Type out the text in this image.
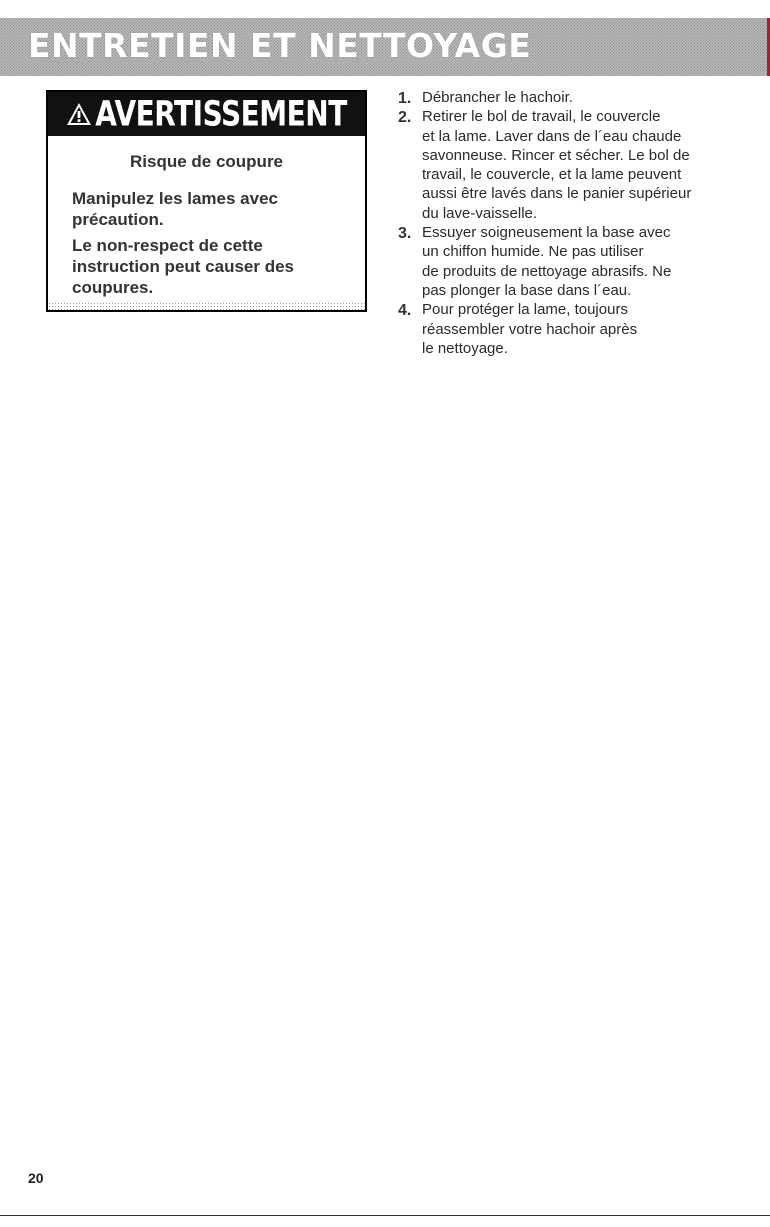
ENTRETIEN ET NETTOYAGE
AVERTISSEMENT
Risque de coupure
Manipulez les lames avec précaution.
Le non-respect de cette instruction peut causer des coupures.
1. Débrancher le hachoir.
2. Retirer le bol de travail, le couvercle
et la lame. Laver dans de l´eau chaude
savonneuse. Rincer et sécher. Le bol de
travail, le couvercle, et la lame peuvent
aussi être lavés dans le panier supérieur
du lave-vaisselle.
3. Essuyer soigneusement la base avec
un chiffon humide. Ne pas utiliser
de produits de nettoyage abrasifs. Ne
pas plonger la base dans l´eau.
4. Pour protéger la lame, toujours
réassembler votre hachoir après
le nettoyage.
20
